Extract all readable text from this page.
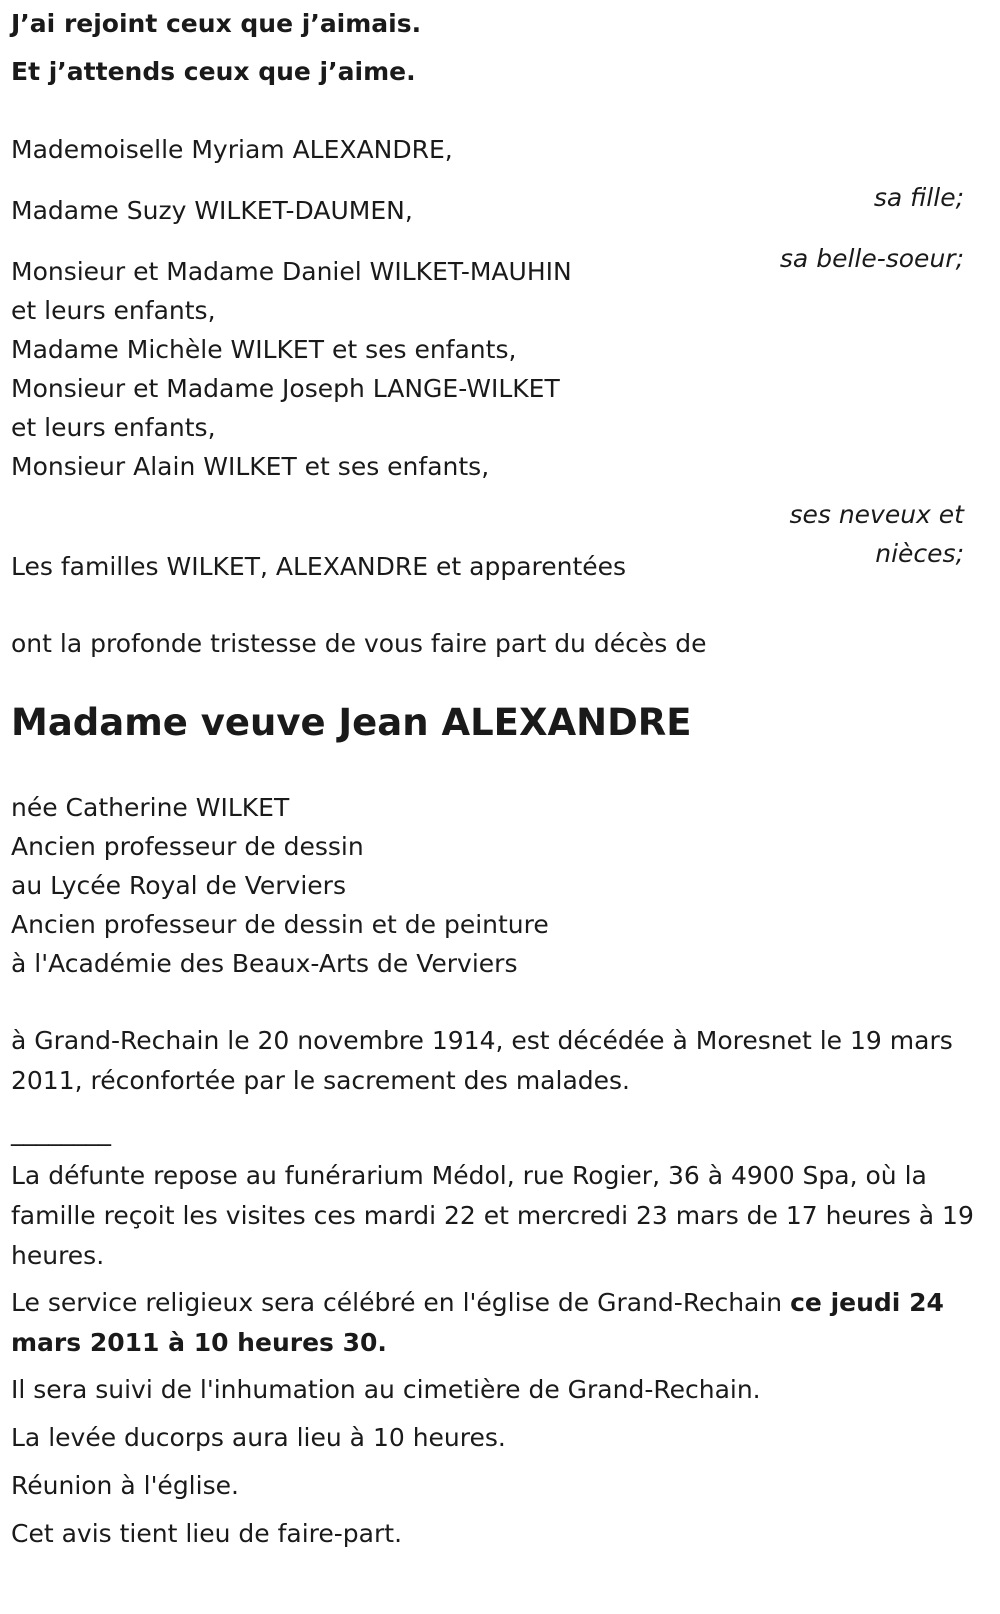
J’ai rejoint ceux que j’aimais.

Et j’attends ceux que j’aime.

Mademoiselle Myriam ALEXANDRE,

sa fille;

Madame Suzy WILKET-DAUMEN,

sa belle-soeur;

Monsieur et Madame Daniel WILKET-MAUHIN

et leurs enfants,

Madame Michèle WILKET et ses enfants,

Monsieur et Madame Joseph LANGE-WILKET

et leurs enfants,

Monsieur Alain WILKET et ses enfants,

ses neveux et

nièces;

Les familles WILKET, ALEXANDRE et apparentées

ont la profonde tristesse de vous faire part du décès de

Madame veuve Jean ALEXANDRE

née Catherine WILKET

Ancien professeur de dessin

au Lycée Royal de Verviers

Ancien professeur de dessin et de peinture

à l'Académie des Beaux-Arts de Verviers

à Grand-Rechain le 20 novembre 1914, est décédée à Moresnet le 19 mars 2011, réconfortée par le sacrement des malades.

________

La défunte repose au funérarium Médol, rue Rogier, 36 à 4900 Spa, où la famille reçoit les visites ces mardi 22 et mercredi 23 mars de 17 heures à 19 heures.

Le service religieux sera célébré en l'église de Grand-Rechain ce jeudi 24 mars 2011 à 10 heures 30.

Il sera suivi de l'inhumation au cimetière de Grand-Rechain.

La levée ducorps aura lieu à 10 heures.

Réunion à l'église.

Cet avis tient lieu de faire-part.
